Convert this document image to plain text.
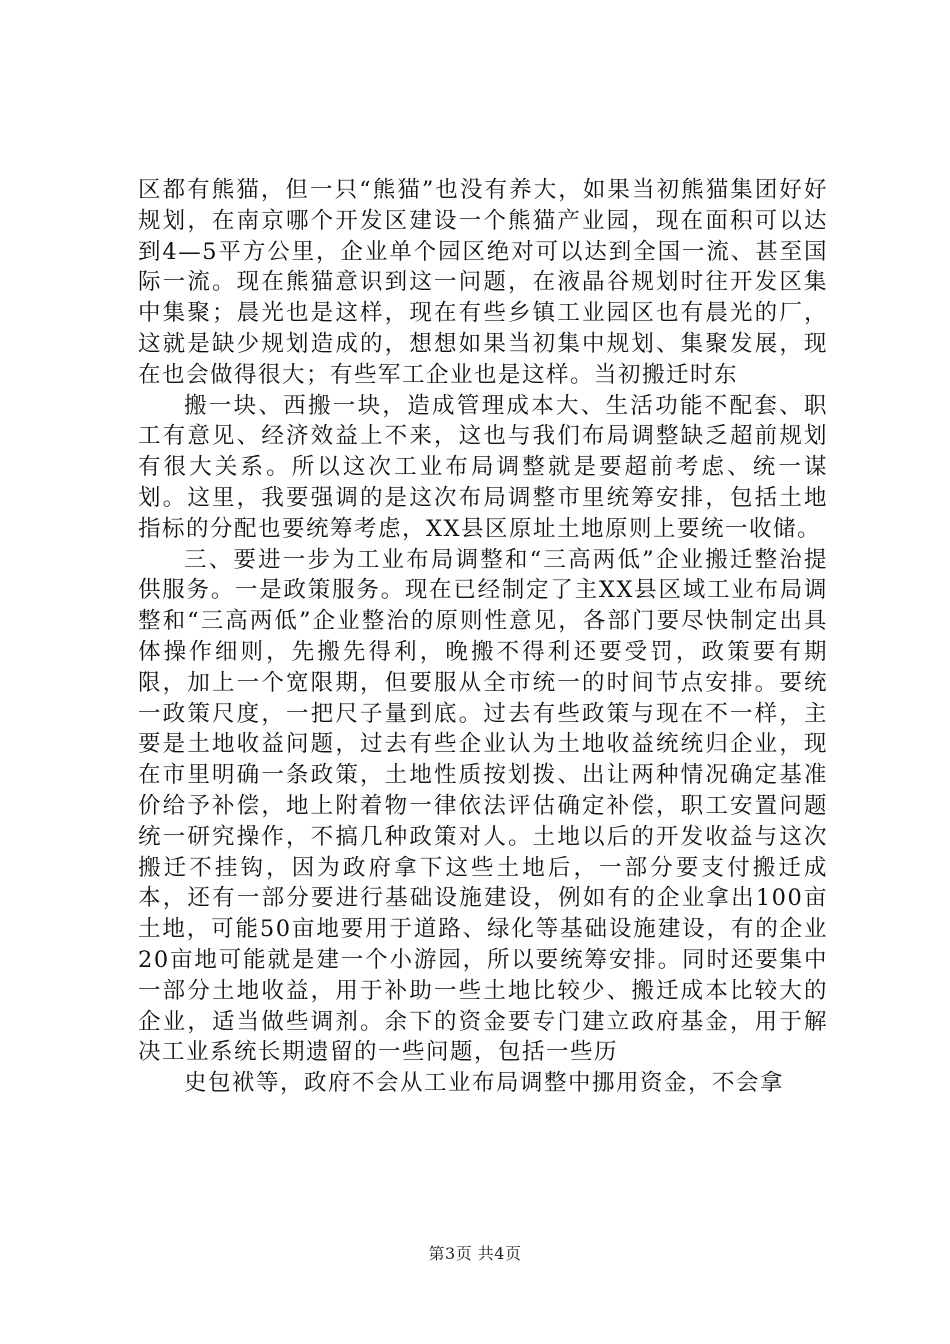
区都有熊猫，但一只“熊猫”也没有养大，如果当初熊猫集团好好规划，在南京哪个开发区建设一个熊猫产业园，现在面积可以达到4—5平方公里，企业单个园区绝对可以达到全国一流、甚至国际一流。现在熊猫意识到这一问题，在液晶谷规划时往开发区集中集聚；晨光也是这样，现在有些乡镇工业园区也有晨光的厂，这就是缺少规划造成的，想想如果当初集中规划、集聚发展，现在也会做得很大；有些军工企业也是这样。当初搬迁时东

搬一块、西搬一块，造成管理成本大、生活功能不配套、职工有意见、经济效益上不来，这也与我们布局调整缺乏超前规划有很大关系。所以这次工业布局调整就是要超前考虑、统一谋划。这里，我要强调的是这次布局调整市里统筹安排，包括土地指标的分配也要统筹考虑，XX县区原址土地原则上要统一收储。

三、要进一步为工业布局调整和“三高两低”企业搬迁整治提供服务。一是政策服务。现在已经制定了主XX县区域工业布局调整和“三高两低”企业整治的原则性意见，各部门要尽快制定出具体操作细则，先搬先得利，晚搬不得利还要受罚，政策要有期限，加上一个宽限期，但要服从全市统一的时间节点安排。要统一政策尺度，一把尺子量到底。过去有些政策与现在不一样，主要是土地收益问题，过去有些企业认为土地收益统统归企业，现在市里明确一条政策，土地性质按划拨、出让两种情况确定基准价给予补偿，地上附着物一律依法评估确定补偿，职工安置问题统一研究操作，不搞几种政策对人。土地以后的开发收益与这次搬迁不挂钩，因为政府拿下这些土地后，一部分要支付搬迁成本，还有一部分要进行基础设施建设，例如有的企业拿出100亩土地，可能50亩地要用于道路、绿化等基础设施建设，有的企业20亩地可能就是建一个小游园，所以要统筹安排。同时还要集中一部分土地收益，用于补助一些土地比较少、搬迁成本比较大的企业，适当做些调剂。余下的资金要专门建立政府基金，用于解决工业系统长期遗留的一些问题，包括一些历

史包袱等，政府不会从工业布局调整中挪用资金，不会拿

第3页 共4页
